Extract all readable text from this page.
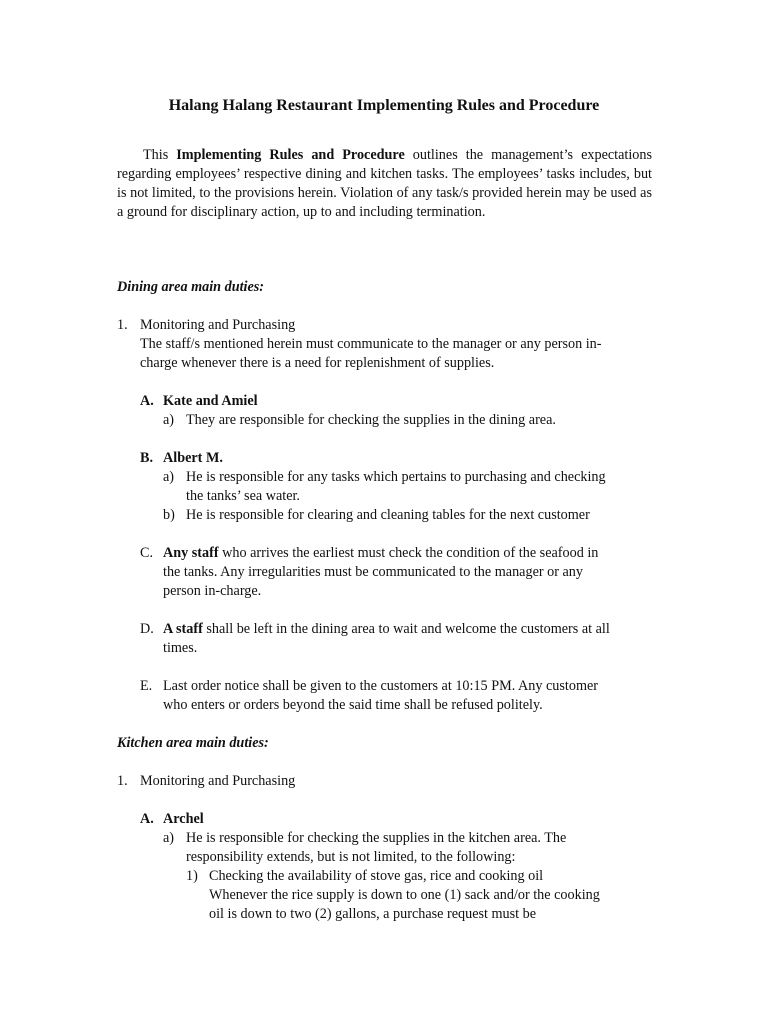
Halang Halang Restaurant Implementing Rules and Procedure
This Implementing Rules and Procedure outlines the management’s expectations regarding employees’ respective dining and kitchen tasks. The employees’ tasks includes, but is not limited, to the provisions herein. Violation of any task/s provided herein may be used as a ground for disciplinary action, up to and including termination.
Dining area main duties:
1. Monitoring and Purchasing
The staff/s mentioned herein must communicate to the manager or any person in-
charge whenever there is a need for replenishment of supplies.
A. Kate and Amiel
a) They are responsible for checking the supplies in the dining area.
B. Albert M.
a) He is responsible for any tasks which pertains to purchasing and checking
the tanks’ sea water.
b) He is responsible for clearing and cleaning tables for the next customer
C. Any staff who arrives the earliest must check the condition of the seafood in
the tanks. Any irregularities must be communicated to the manager or any
person in-charge.
D. A staff shall be left in the dining area to wait and welcome the customers at all
times.
E. Last order notice shall be given to the customers at 10:15 PM. Any customer
who enters or orders beyond the said time shall be refused politely.
Kitchen area main duties:
1. Monitoring and Purchasing
A. Archel
a) He is responsible for checking the supplies in the kitchen area. The
responsibility extends, but is not limited, to the following:
1) Checking the availability of stove gas, rice and cooking oil
Whenever the rice supply is down to one (1) sack and/or the cooking
oil is down to two (2) gallons, a purchase request must be
